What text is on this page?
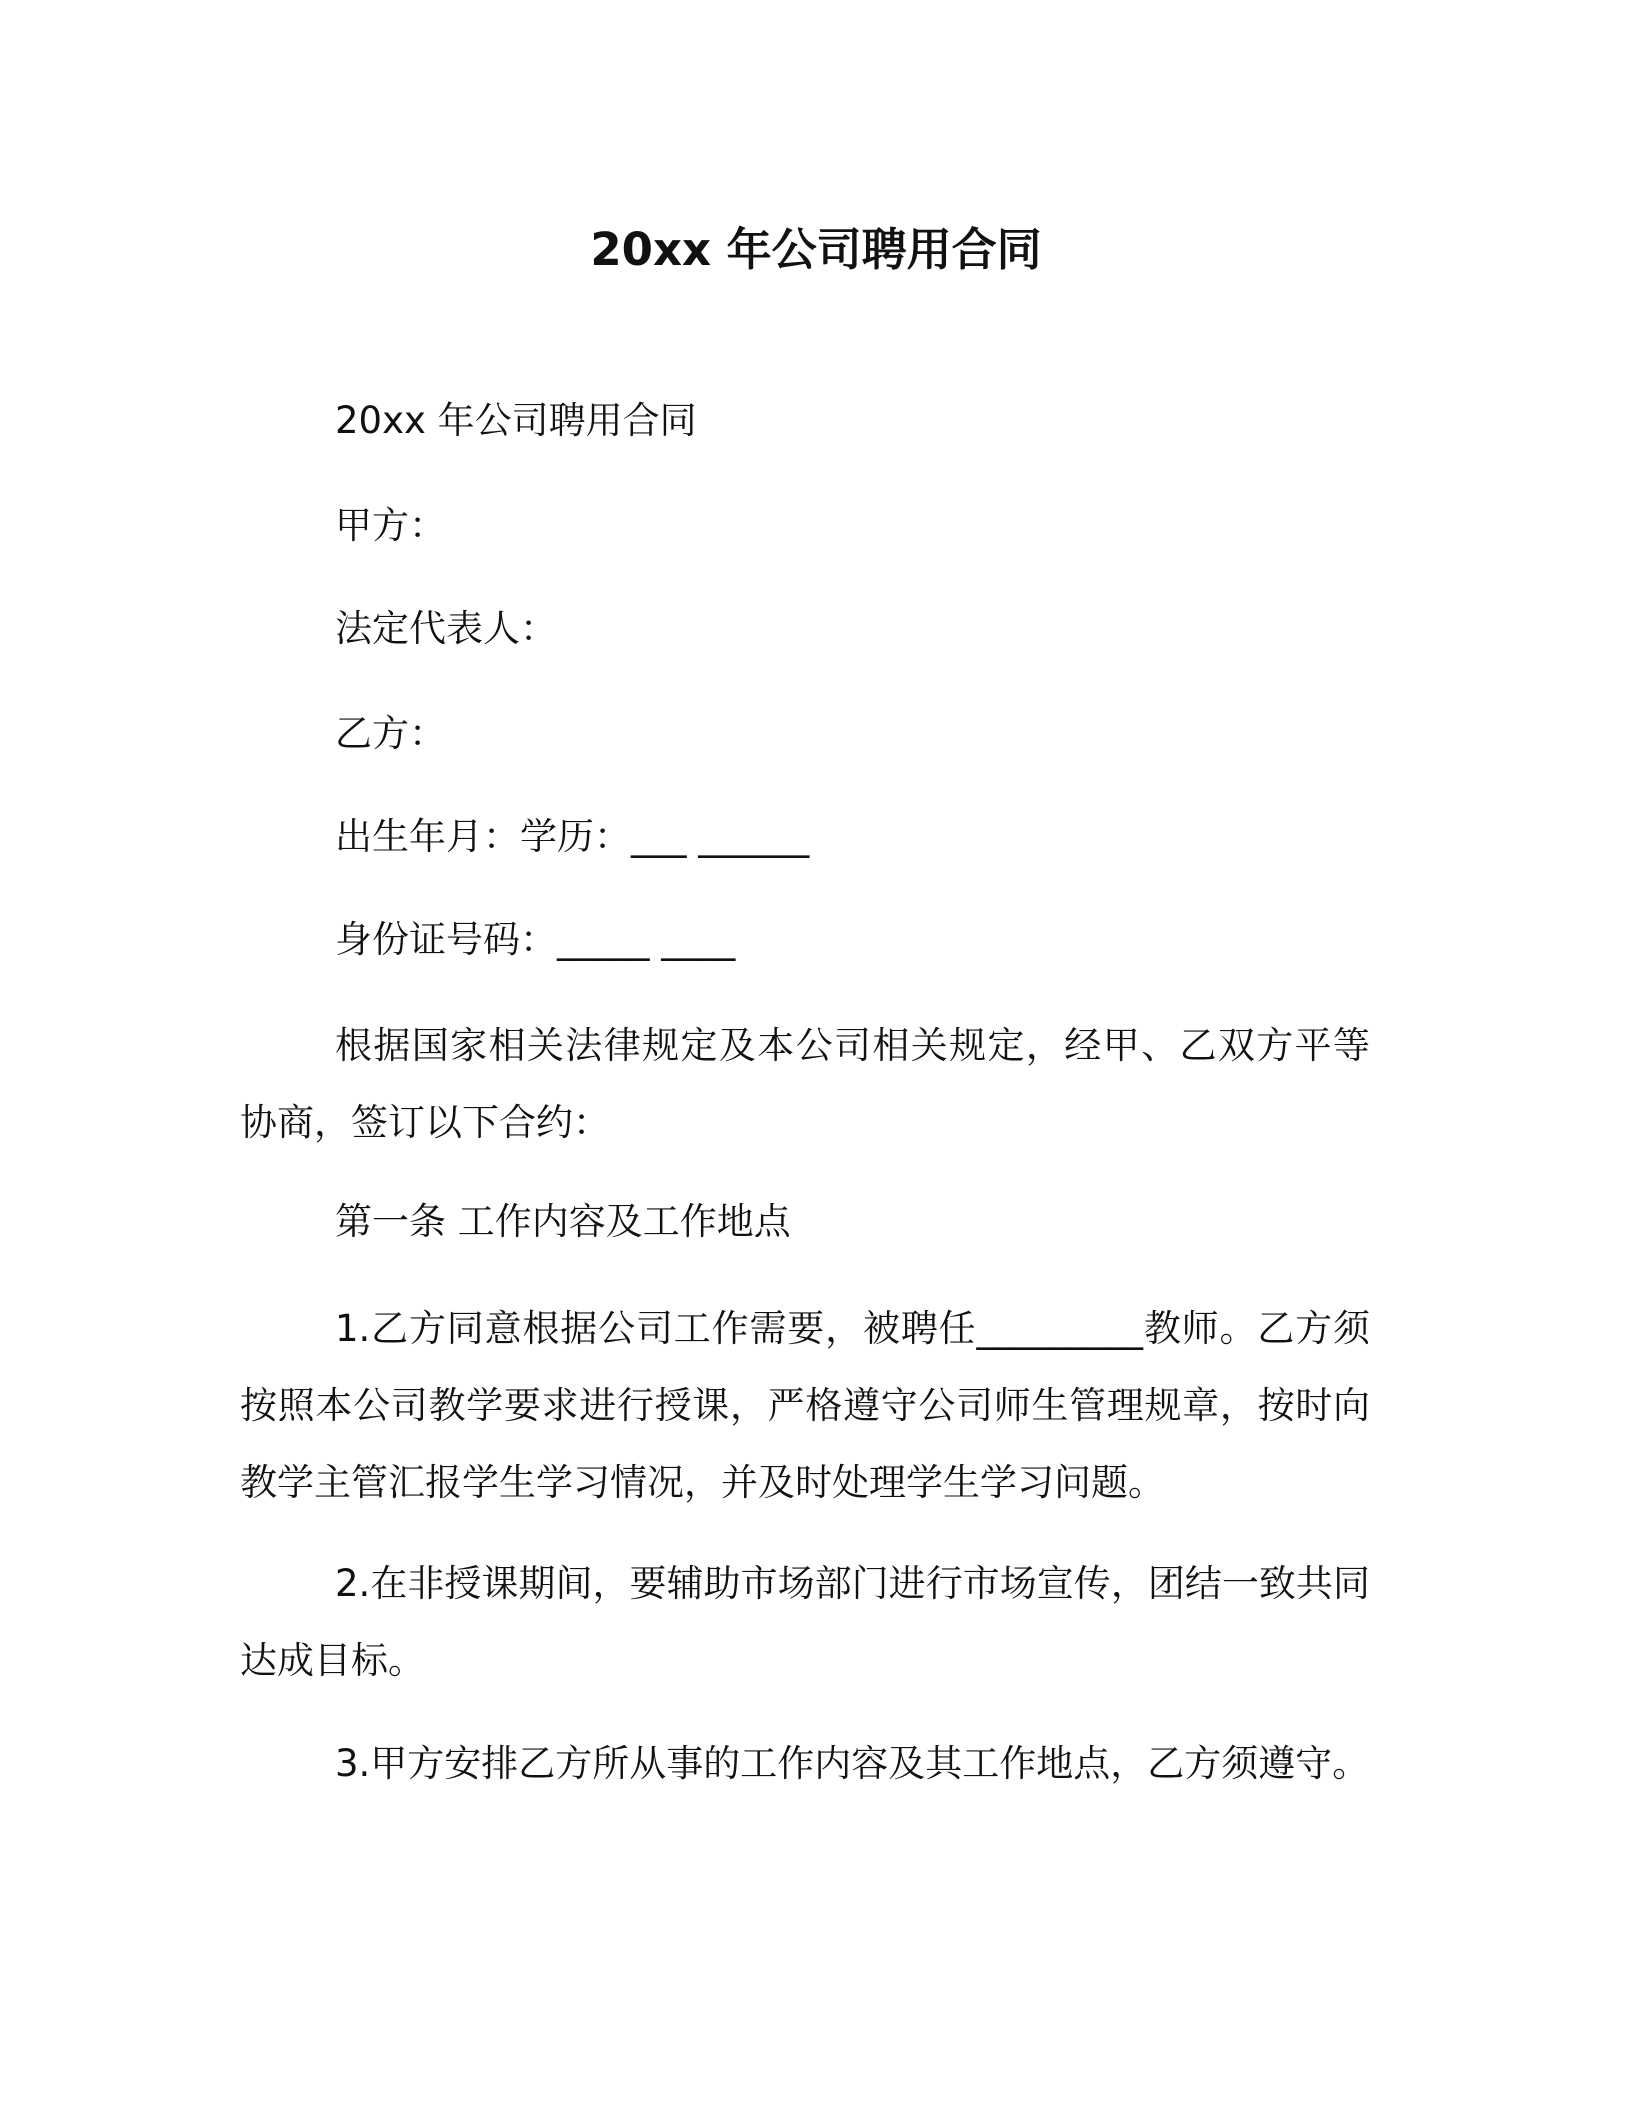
20xx 年公司聘用合同
20xx 年公司聘用合同
甲方：
法定代表人：
乙方：
出生年月：学历：___ ______
身份证号码：_____ ____
根据国家相关法律规定及本公司相关规定，经甲、乙双方平等协商，签订以下合约：
第一条 工作内容及工作地点
1.乙方同意根据公司工作需要，被聘任_________教师。乙方须按照本公司教学要求进行授课，严格遵守公司师生管理规章，按时向教学主管汇报学生学习情况，并及时处理学生学习问题。
2.在非授课期间，要辅助市场部门进行市场宣传，团结一致共同达成目标。
3.甲方安排乙方所从事的工作内容及其工作地点，乙方须遵守。
